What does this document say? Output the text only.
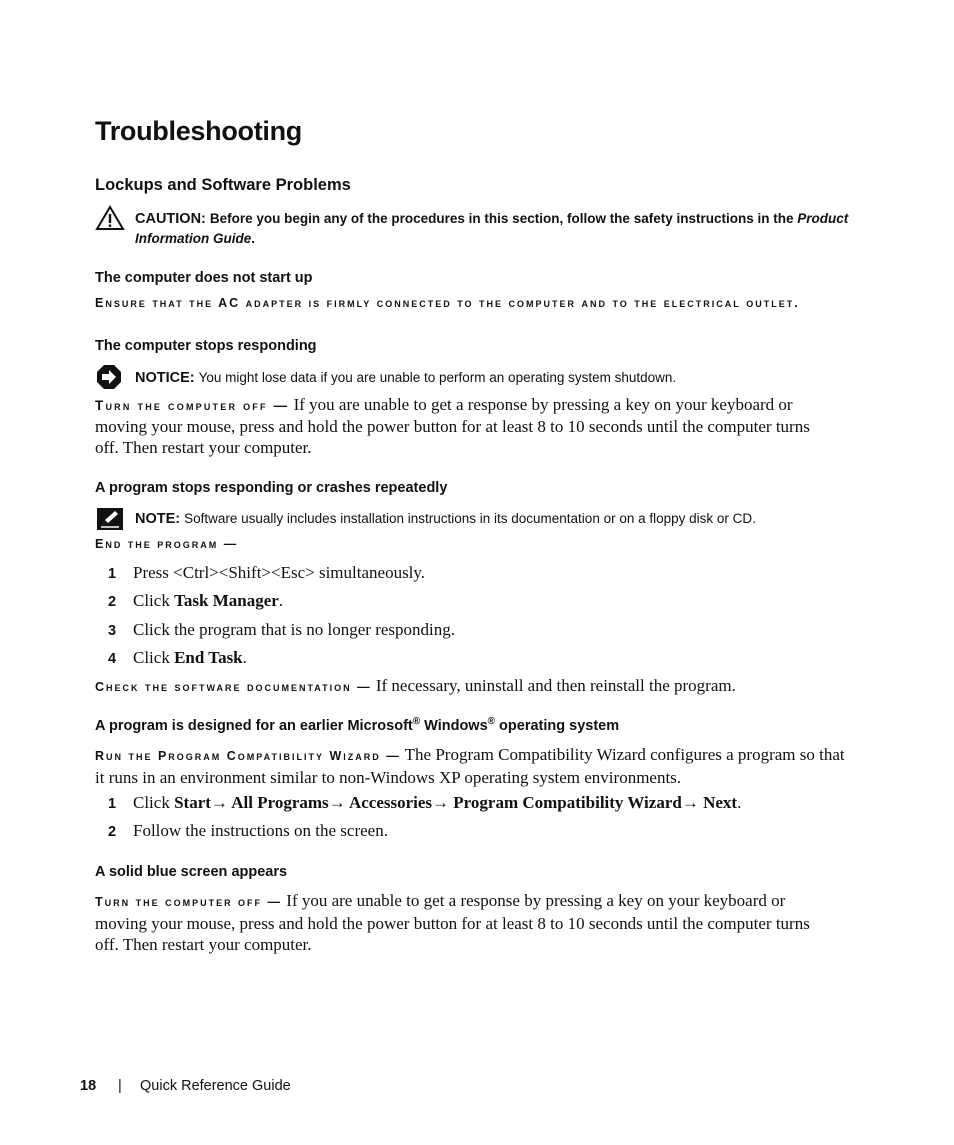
Troubleshooting
Lockups and Software Problems
CAUTION: Before you begin any of the procedures in this section, follow the safety instructions in the Product Information Guide.
The computer does not start up
Ensure that the AC adapter is firmly connected to the computer and to the electrical outlet.
The computer stops responding
NOTICE: You might lose data if you are unable to perform an operating system shutdown.
Turn the computer off — If you are unable to get a response by pressing a key on your keyboard or moving your mouse, press and hold the power button for at least 8 to 10 seconds until the computer turns off. Then restart your computer.
A program stops responding or crashes repeatedly
NOTE: Software usually includes installation instructions in its documentation or on a floppy disk or CD.
End the program —
1 Press <Ctrl><Shift><Esc> simultaneously.
2 Click Task Manager.
3 Click the program that is no longer responding.
4 Click End Task.
Check the software documentation — If necessary, uninstall and then reinstall the program.
A program is designed for an earlier Microsoft® Windows® operating system
Run the Program Compatibility Wizard — The Program Compatibility Wizard configures a program so that it runs in an environment similar to non-Windows XP operating system environments.
1 Click Start→ All Programs→ Accessories→ Program Compatibility Wizard→ Next.
2 Follow the instructions on the screen.
A solid blue screen appears
Turn the computer off — If you are unable to get a response by pressing a key on your keyboard or moving your mouse, press and hold the power button for at least 8 to 10 seconds until the computer turns off. Then restart your computer.
18 | Quick Reference Guide
